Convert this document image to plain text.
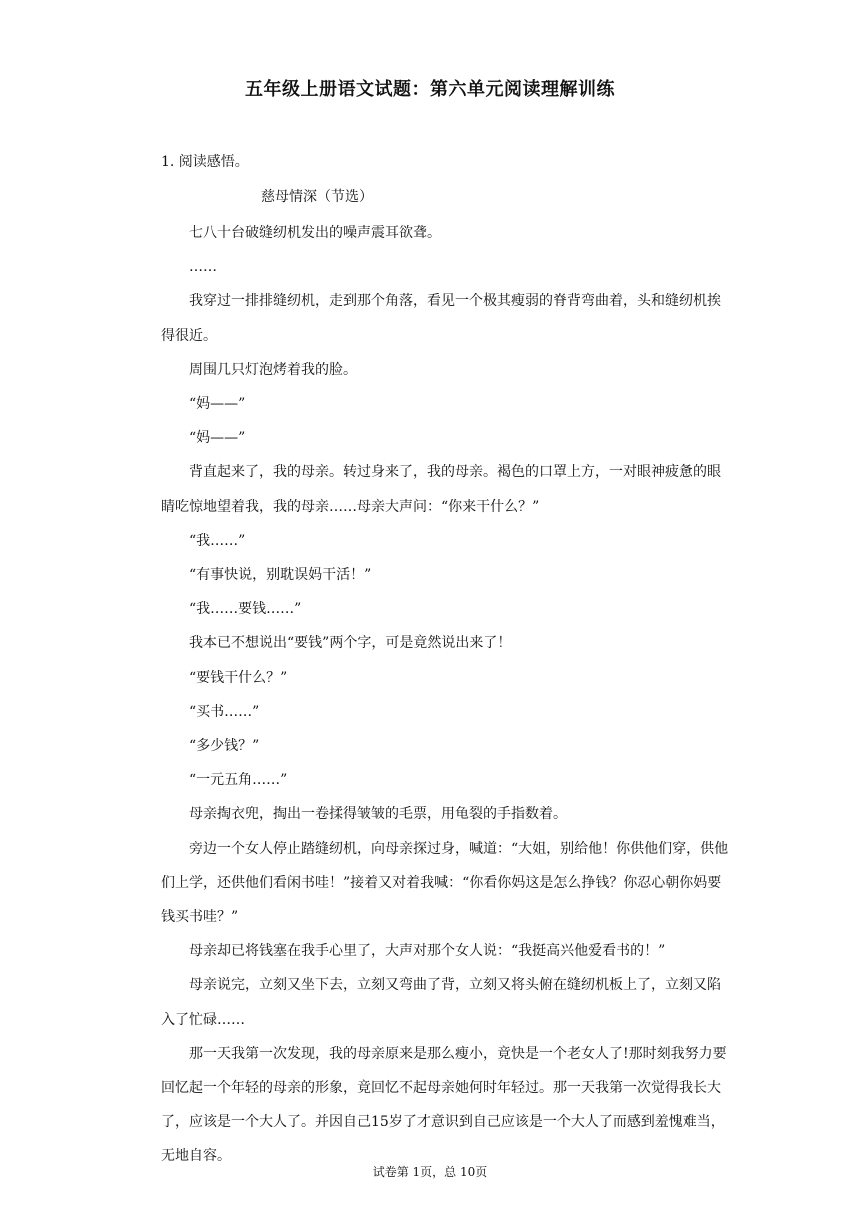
五年级上册语文试题：第六单元阅读理解训练
1. 阅读感悟。
慈母情深（节选）

七八十台破缝纫机发出的噪声震耳欲聋。

……

我穿过一排排缝纫机，走到那个角落，看见一个极其瘦弱的脊背弯曲着，头和缝纫机挨得很近。

周围几只灯泡烤着我的脸。

“妈——”

“妈——”

背直起来了，我的母亲。转过身来了，我的母亲。褐色的口罩上方，一对眼神疲惫的眼睛吃惊地望着我，我的母亲……母亲大声问：“你来干什么？”

“我……”

“有事快说，别耽误妈干活！”

“我……要钱……”

我本已不想说出“要钱”两个字，可是竟然说出来了！

“要钱干什么？”

“买书……”

“多少钱？”

“一元五角……”

母亲掏衣兜，掏出一卷揉得皱皱的毛票，用龟裂的手指数着。

旁边一个女人停止踏缝纫机，向母亲探过身，喊道：“大姐，别给他！你供他们穿，供他们上学，还供他们看闲书哇！”接着又对着我喊：“你看你妈这是怎么挣钱？你忍心朝你妈要钱买书哇？”

母亲却已将钱塞在我手心里了，大声对那个女人说：“我挺高兴他爱看书的！”

母亲说完，立刻又坐下去，立刻又弯曲了背，立刻又将头俯在缝纫机板上了，立刻又陷入了忙碌……

那一天我第一次发现，我的母亲原来是那么瘦小，竟快是一个老女人了!那时刻我努力要回忆起一个年轻的母亲的形象，竟回忆不起母亲她何时年轻过。那一天我第一次觉得我长大了，应该是一个大人了。并因自己15岁了才意识到自己应该是一个大人了而感到羞愧难当，无地自容。

试卷第 1页，总 10页
